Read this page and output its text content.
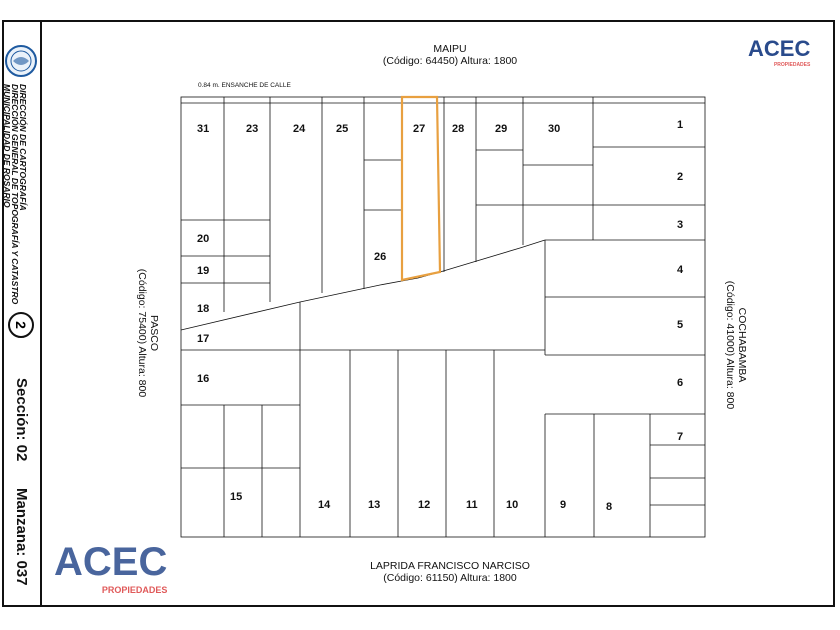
DIRECCIÓN DE CARTOGRAFÍA
DIRECCIÓN GENERAL DE TOPOGRAFÍA Y CATASTRO
MUNICIPALIDAD DE ROSARIO
2
Sección: 02
Manzana: 037
MAIPU
(Código: 64450) Altura: 1800
LAPRIDA FRANCISCO NARCISO
(Código: 61150) Altura: 1800
PASCO
(Código: 75400) Altura: 800	COCHABAMBA
(Código: 41000) Altura: 800
0.84 m. ENSANCHE DE CALLE
31	23	24	25	27 28	29	30	1
2
3
4
5
6
7
8
9
10
11
12
13
14
15
16
17
18
19
20
26
ACEC
PROPIEDADES
ACEC
PROPIEDADES
